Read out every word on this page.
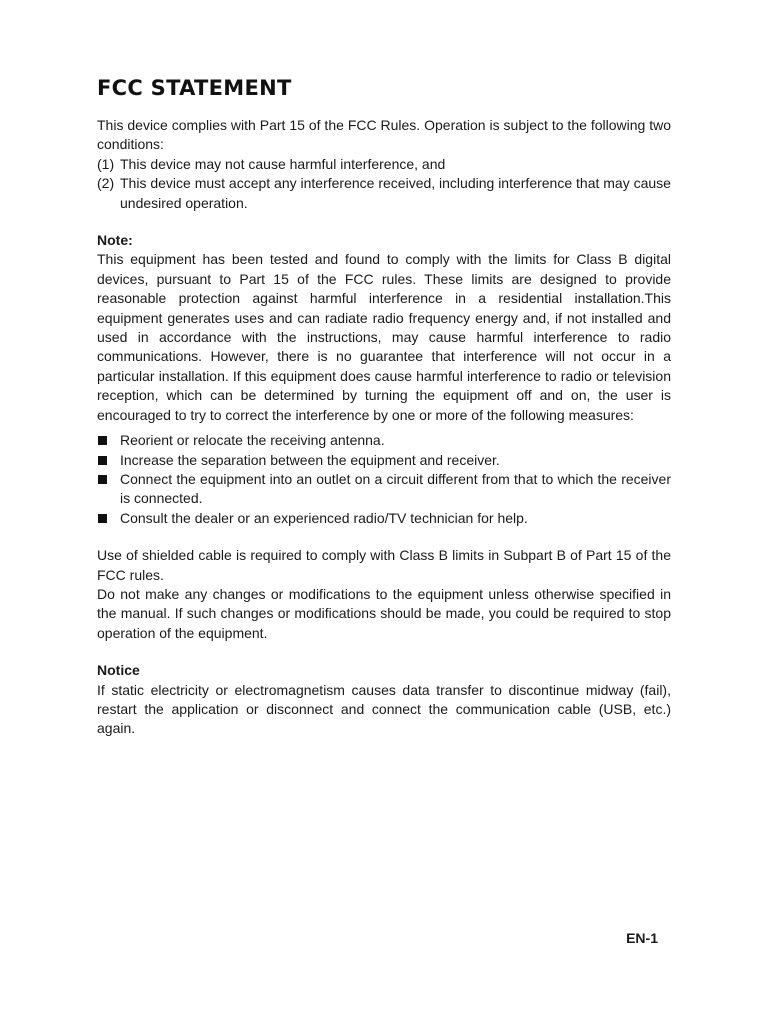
FCC STATEMENT

This device complies with Part 15 of the FCC Rules. Operation is subject to the following two conditions:

(1) This device may not cause harmful interference, and
(2) This device must accept any interference received, including interference that may cause undesired operation.

Note:

This equipment has been tested and found to comply with the limits for Class B digital devices, pursuant to Part 15 of the FCC rules. These limits are designed to provide reasonable protection against harmful interference in a residential installation.This equipment generates uses and can radiate radio frequency energy and, if not installed and used in accordance with the instructions, may cause harmful interference to radio communications. However, there is no guarantee that interference will not occur in a particular installation. If this equipment does cause harmful interference to radio or television reception, which can be determined by turning the equipment off and on, the user is encouraged to try to correct the interference by one or more of the following measures:

Reorient or relocate the receiving antenna.
Increase the separation between the equipment and receiver.
Connect the equipment into an outlet on a circuit different from that to which the receiver is connected.
Consult the dealer or an experienced radio/TV technician for help.

Use of shielded cable is required to comply with Class B limits in Subpart B of Part 15 of the FCC rules.

Do not make any changes or modifications to the equipment unless otherwise specified in the manual. If such changes or modifications should be made, you could be required to stop operation of the equipment.

Notice

If static electricity or electromagnetism causes data transfer to discontinue midway (fail), restart the application or disconnect and connect the communication cable (USB, etc.) again.

EN-1
